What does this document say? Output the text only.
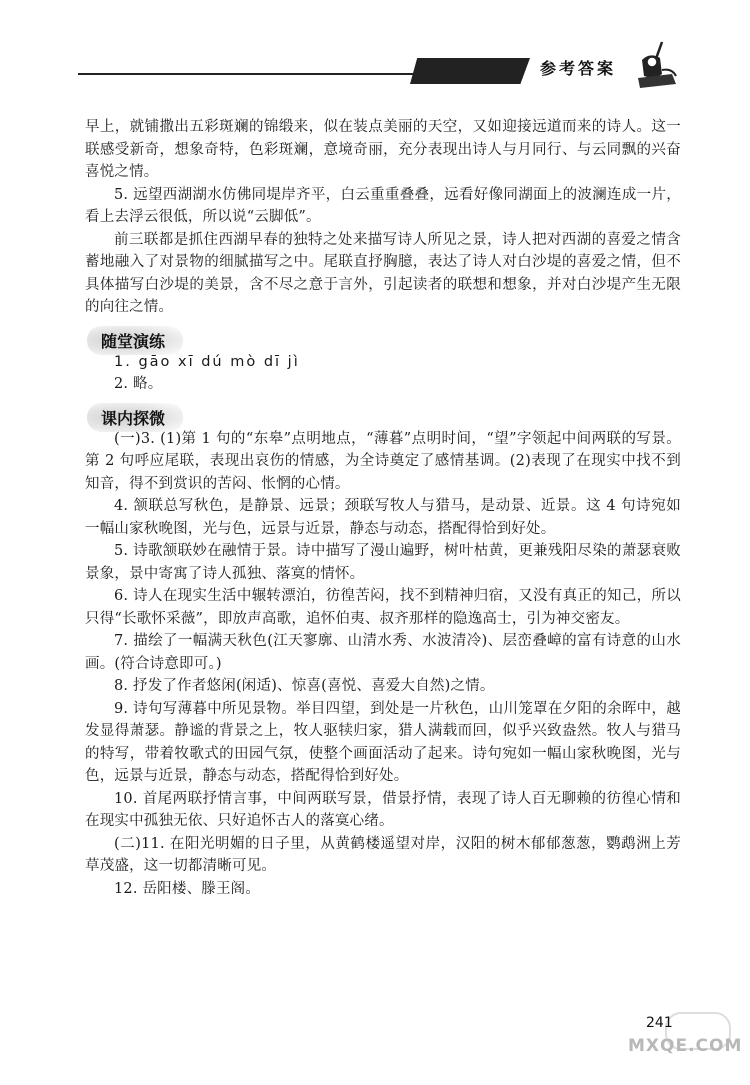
参考答案

早上，就铺撒出五彩斑斓的锦缎来，似在装点美丽的天空，又如迎接远道而来的诗人。这一联感受新奇，想象奇特，色彩斑斓，意境奇丽，充分表现出诗人与月同行、与云同飘的兴奋喜悦之情。

5. 远望西湖湖水仿佛同堤岸齐平，白云重重叠叠，远看好像同湖面上的波澜连成一片，看上去浮云很低，所以说“云脚低”。

前三联都是抓住西湖早春的独特之处来描写诗人所见之景，诗人把对西湖的喜爱之情含蓄地融入了对景物的细腻描写之中。尾联直抒胸臆，表达了诗人对白沙堤的喜爱之情，但不具体描写白沙堤的美景，含不尽之意于言外，引起读者的联想和想象，并对白沙堤产生无限的向往之情。

随堂演练

1. gāo xī dú mò dī jì

2. 略。

课内探微

(一)3. (1)第 1 句的“东皋”点明地点，“薄暮”点明时间，“望”字领起中间两联的写景。第 2 句呼应尾联，表现出哀伤的情感，为全诗奠定了感情基调。(2)表现了在现实中找不到知音，得不到赏识的苦闷、怅惘的心情。

4. 颔联总写秋色，是静景、远景；颈联写牧人与猎马，是动景、近景。这 4 句诗宛如一幅山家秋晚图，光与色，远景与近景，静态与动态，搭配得恰到好处。

5. 诗歌颔联妙在融情于景。诗中描写了漫山遍野，树叶枯黄，更兼残阳尽染的萧瑟衰败景象，景中寄寓了诗人孤独、落寞的情怀。

6. 诗人在现实生活中辗转漂泊，彷徨苦闷，找不到精神归宿，又没有真正的知己，所以只得“长歌怀采薇”，即放声高歌，追怀伯夷、叔齐那样的隐逸高士，引为神交密友。

7. 描绘了一幅满天秋色(江天寥廓、山清水秀、水波清冷)、层峦叠嶂的富有诗意的山水画。(符合诗意即可。)

8. 抒发了作者悠闲(闲适)、惊喜(喜悦、喜爱大自然)之情。

9. 诗句写薄暮中所见景物。举目四望，到处是一片秋色，山川笼罩在夕阳的余晖中，越发显得萧瑟。静谧的背景之上，牧人驱犊归家，猎人满载而回，似乎兴致盎然。牧人与猎马的特写，带着牧歌式的田园气氛，使整个画面活动了起来。诗句宛如一幅山家秋晚图，光与色，远景与近景，静态与动态，搭配得恰到好处。

10. 首尾两联抒情言事，中间两联写景，借景抒情，表现了诗人百无聊赖的彷徨心情和在现实中孤独无依、只好追怀古人的落寞心绪。

(二)11. 在阳光明媚的日子里，从黄鹤楼遥望对岸，汉阳的树木郁郁葱葱，鹦鹉洲上芳草茂盛，这一切都清晰可见。

12. 岳阳楼、滕王阁。

241
MXQE.COM
